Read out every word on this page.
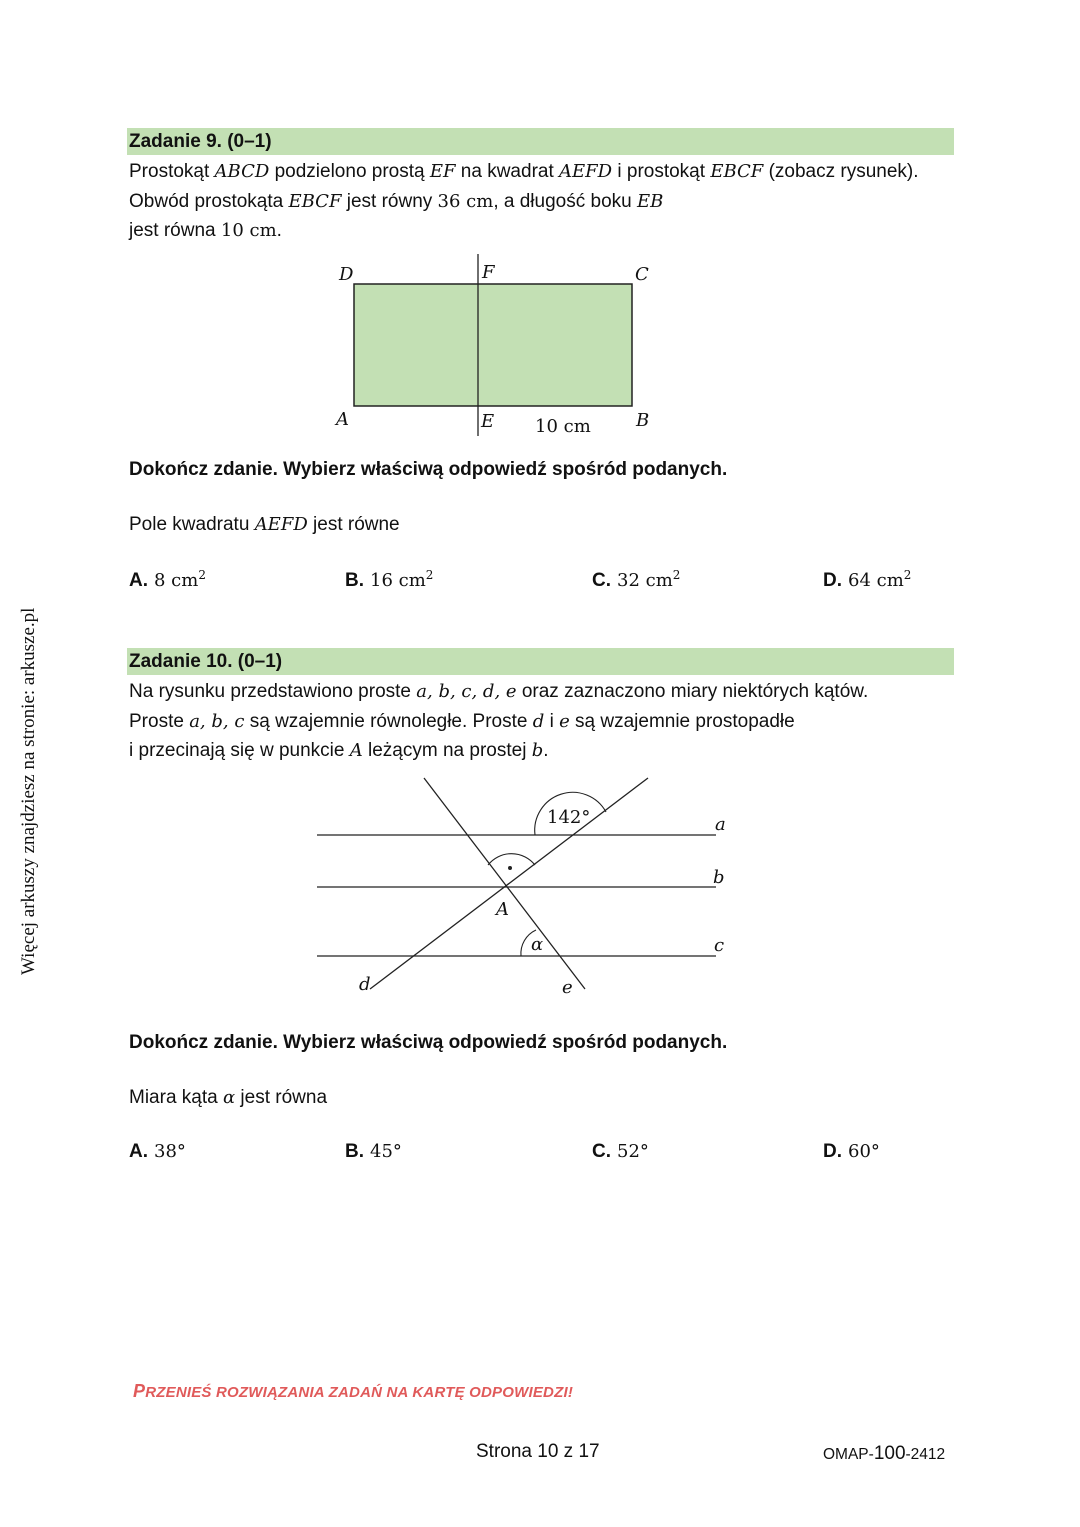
Więcej arkuszy znajdziesz na stronie: arkusze.pl
Zadanie 9. (0–1)
Prostokąt ABCD podzielono prostą EF na kwadrat AEFD i prostokąt EBCF (zobacz rysunek). Obwód prostokąta EBCF jest równy 36 cm, a długość boku EB
jest równa 10 cm.
D	F	C
A	E 10 cm	B
Dokończ zdanie. Wybierz właściwą odpowiedź spośród podanych.
Pole kwadratu AEFD jest równe
A. 8 $cm^2$	B. 16 $cm^2$	C. 32 $cm^2$	D. 64 $cm^2$
Zadanie 10. (0–1)
Na rysunku przedstawiono proste a, b, c, d, e oraz zaznaczono miary niektórych kątów.
Proste a, b, c są wzajemnie równoległe. Proste d i e są wzajemnie prostopadłe
i przecinają się w punkcie A leżącym na prostej b.
142°	a
b
c
d	e
A
α
Dokończ zdanie. Wybierz właściwą odpowiedź spośród podanych.
Miara kąta α jest równa
A. 38°	B. 45°	C. 52°	D. 60°
PRZENIEŚ ROZWIĄZANIA ZADAŃ NA KARTĘ ODPOWIEDZI!
Strona 10 z 17	OMAP-100-2412
